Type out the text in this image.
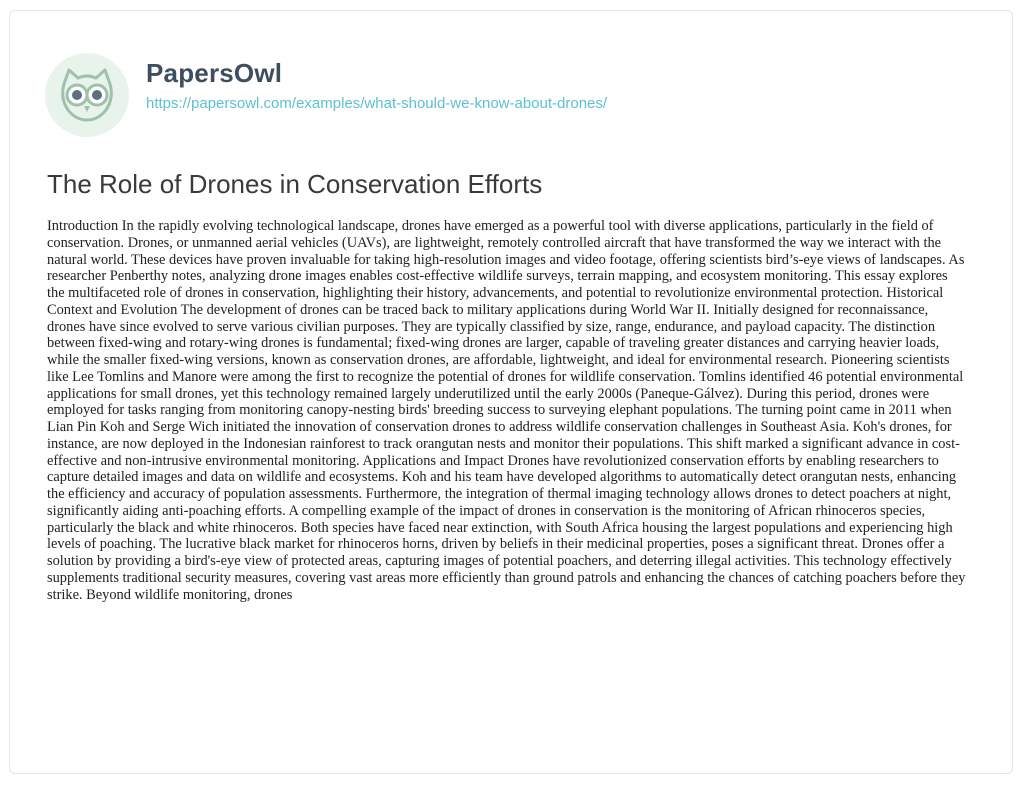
PapersOwl
https://papersowl.com/examples/what-should-we-know-about-drones/
The Role of Drones in Conservation Efforts

Introduction In the rapidly evolving technological landscape, drones have emerged as a powerful tool with diverse applications, particularly in the field of conservation. Drones, or unmanned aerial vehicles (UAVs), are lightweight, remotely controlled aircraft that have transformed the way we interact with the natural world. These devices have proven invaluable for taking high-resolution images and video footage, offering scientists bird’s-eye views of landscapes. As researcher Penberthy notes, analyzing drone images enables cost-effective wildlife surveys, terrain mapping, and ecosystem monitoring. This essay explores the multifaceted role of drones in conservation, highlighting their history, advancements, and potential to revolutionize environmental protection. Historical Context and Evolution The development of drones can be traced back to military applications during World War II. Initially designed for reconnaissance, drones have since evolved to serve various civilian purposes. They are typically classified by size, range, endurance, and payload capacity. The distinction between fixed-wing and rotary-wing drones is fundamental; fixed-wing drones are larger, capable of traveling greater distances and carrying heavier loads, while the smaller fixed-wing versions, known as conservation drones, are affordable, lightweight, and ideal for environmental research. Pioneering scientists like Lee Tomlins and Manore were among the first to recognize the potential of drones for wildlife conservation. Tomlins identified 46 potential environmental applications for small drones, yet this technology remained largely underutilized until the early 2000s (Paneque-Gálvez). During this period, drones were employed for tasks ranging from monitoring canopy-nesting birds' breeding success to surveying elephant populations. The turning point came in 2011 when Lian Pin Koh and Serge Wich initiated the innovation of conservation drones to address wildlife conservation challenges in Southeast Asia. Koh's drones, for instance, are now deployed in the Indonesian rainforest to track orangutan nests and monitor their populations. This shift marked a significant advance in cost-effective and non-intrusive environmental monitoring. Applications and Impact Drones have revolutionized conservation efforts by enabling researchers to capture detailed images and data on wildlife and ecosystems. Koh and his team have developed algorithms to automatically detect orangutan nests, enhancing the efficiency and accuracy of population assessments. Furthermore, the integration of thermal imaging technology allows drones to detect poachers at night, significantly aiding anti-poaching efforts. A compelling example of the impact of drones in conservation is the monitoring of African rhinoceros species, particularly the black and white rhinoceros. Both species have faced near extinction, with South Africa housing the largest populations and experiencing high levels of poaching. The lucrative black market for rhinoceros horns, driven by beliefs in their medicinal properties, poses a significant threat. Drones offer a solution by providing a bird's-eye view of protected areas, capturing images of potential poachers, and deterring illegal activities. This technology effectively supplements traditional security measures, covering vast areas more efficiently than ground patrols and enhancing the chances of catching poachers before they strike. Beyond wildlife monitoring, drones
